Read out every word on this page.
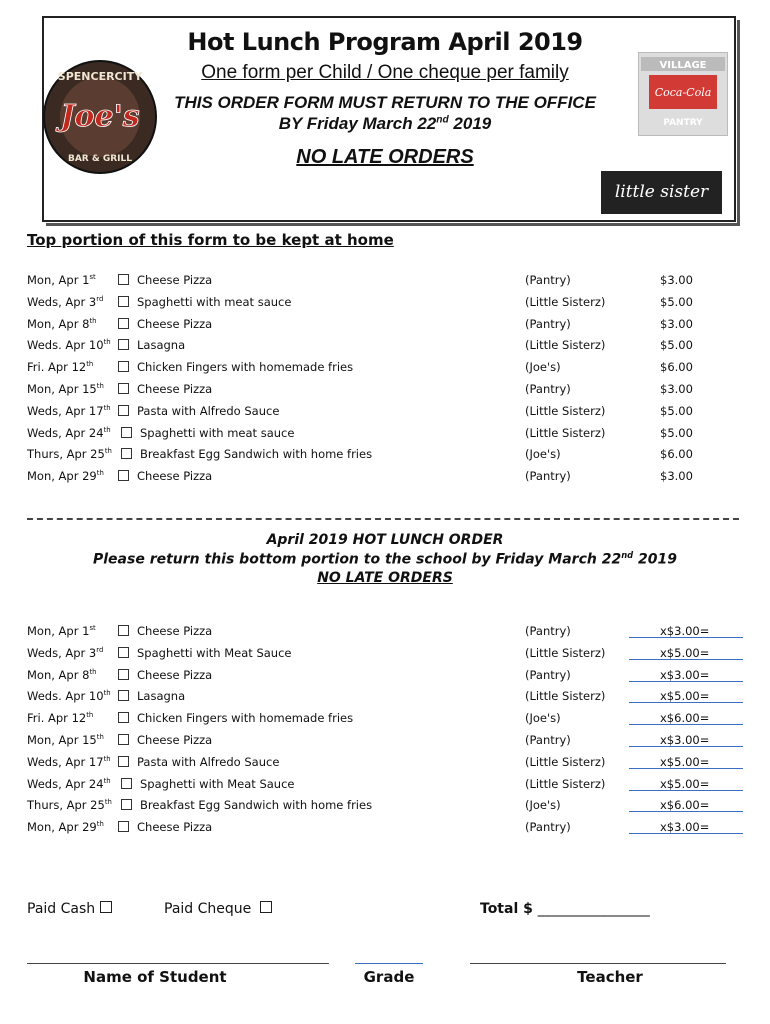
SPENCERCITY
Joe's
BAR & GRILL
VILLAGE
Coca-Cola
PANTRY
little sister
Hot Lunch Program April 2019
One form per Child / One cheque per family
THIS ORDER FORM MUST RETURN TO THE OFFICE
BY Friday March 22nd 2019
NO LATE ORDERS
Top portion of this form to be kept at home
Mon, Apr 1st	Cheese Pizza	(Pantry)	$3.00
Weds, Apr 3rd	Spaghetti with meat sauce	(Little Sisterz)	$5.00
Mon, Apr 8th	Cheese Pizza	(Pantry)	$3.00
Weds. Apr 10th Lasagna	(Little Sisterz)	$5.00
Fri. Apr 12th	Chicken Fingers with homemade fries	(Joe's)	$6.00
Mon, Apr 15th	Cheese Pizza	(Pantry)	$3.00
Weds, Apr 17th Pasta with Alfredo Sauce	(Little Sisterz)	$5.00
Weds, Apr 24th	Spaghetti with meat sauce	(Little Sisterz)	$5.00
Thurs, Apr 25th Breakfast Egg Sandwich with home fries	(Joe's)	$6.00
Mon, Apr 29th	Cheese Pizza	(Pantry)	$3.00
April 2019 HOT LUNCH ORDER
Please return this bottom portion to the school by Friday March 22nd 2019
NO LATE ORDERS
Mon, Apr 1st	Cheese Pizza	(Pantry)	x$3.00=
Weds, Apr 3rd	Spaghetti with Meat Sauce	(Little Sisterz)	x$5.00=
Mon, Apr 8th	Cheese Pizza	(Pantry)	x$3.00=
Weds. Apr 10th Lasagna	(Little Sisterz)	x$5.00=
Fri. Apr 12th	Chicken Fingers with homemade fries	(Joe's)	x$6.00=
Mon, Apr 15th	Cheese Pizza	(Pantry)	x$3.00=
Weds, Apr 17th Pasta with Alfredo Sauce	(Little Sisterz)	x$5.00=
Weds, Apr 24th	Spaghetti with Meat Sauce	(Little Sisterz)	x$5.00=
Thurs, Apr 25th Breakfast Egg Sandwich with home fries	(Joe's)	x$6.00=
Mon, Apr 29th	Cheese Pizza	(Pantry)	x$3.00=
Paid Cash	Paid Cheque	Total $ ________________
Name of Student	Grade	Teacher
